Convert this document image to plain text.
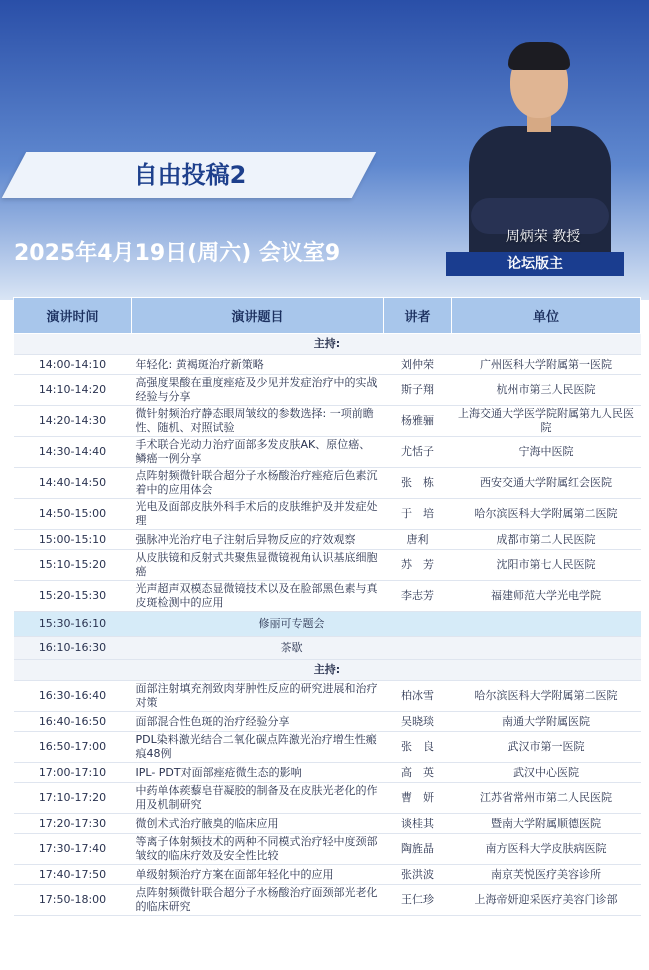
自由投稿2
2025年4月19日(周六) 会议室9
周炳荣 教授
论坛版主
演讲时间	演讲题目	讲者	单位
主持:			
14:00-14:10	年轻化: 黄褐斑治疗新策略	刘仲荣	广州医科大学附属第一医院
14:10-14:20	高强度果酸在重度痤疮及少见并发症治疗中的实战经验与分享	斯子翔	杭州市第三人民医院
14:20-14:30	微针射频治疗静态眼周皱纹的参数选择: 一项前瞻性、随机、对照试验	杨雅骊	上海交通大学医学院附属第九人民医院
14:30-14:40	手术联合光动力治疗面部多发皮肤AK、原位癌、鳞癌一例分享	尤恬子	宁海中医院
14:40-14:50	点阵射频微针联合超分子水杨酸治疗痤疮后色素沉着中的应用体会	张　栋	西安交通大学附属红会医院
14:50-15:00	光电及面部皮肤外科手术后的皮肤维护及并发症处理	于　培	哈尔滨医科大学附属第二医院
15:00-15:10	强脉冲光治疗电子注射后异物反应的疗效观察	唐利	成都市第二人民医院
15:10-15:20	从皮肤镜和反射式共聚焦显微镜视角认识基底细胞癌	苏　芳	沈阳市第七人民医院
15:20-15:30	光声超声双模态显微镜技术以及在脸部黑色素与真皮斑检测中的应用	李志芳	福建师范大学光电学院
15:30-16:10	修丽可专题会		
16:10-16:30	茶歇		
主持:			
16:30-16:40	面部注射填充剂致肉芽肿性反应的研究进展和治疗对策	柏冰雪	哈尔滨医科大学附属第二医院
16:40-16:50	面部混合性色斑的治疗经验分享	吴晓琰	南通大学附属医院
16:50-17:00	PDL染料激光结合二氧化碳点阵激光治疗增生性瘢痕48例	张　良	武汉市第一医院
17:00-17:10	IPL- PDT对面部痤疮微生态的影响	高　英	武汉中心医院
17:10-17:20	中药单体蒺藜皂苷凝胶的制备及在皮肤光老化的作用及机制研究	曹　妍	江苏省常州市第二人民医院
17:20-17:30	微创术式治疗腋臭的临床应用	谈桂其	暨南大学附属顺德医院
17:30-17:40	等离子体射频技术的两种不同模式治疗轻中度颈部皱纹的临床疗效及安全性比较	陶旌晶	南方医科大学皮肤病医院
17:40-17:50	单级射频治疗方案在面部年轻化中的应用	张洪波	南京芙悦医疗美容诊所
17:50-18:00	点阵射频微针联合超分子水杨酸治疗面颈部光老化的临床研究	王仁珍	上海帝妍迎采医疗美容门诊部
